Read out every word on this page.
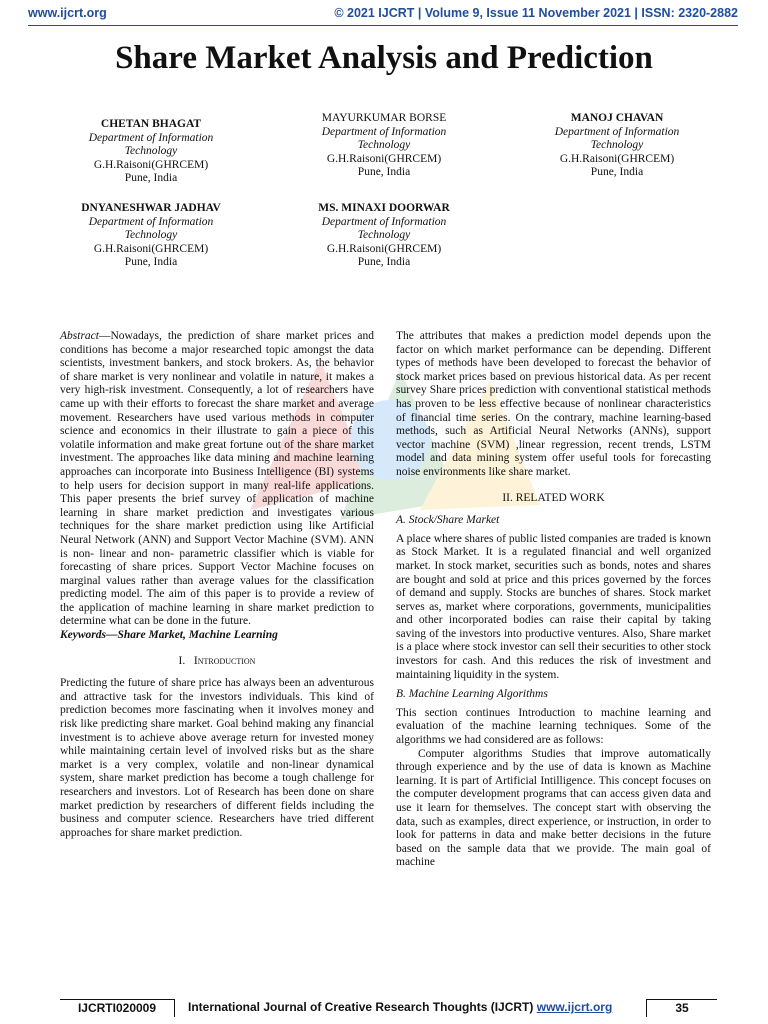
www.ijcrt.org	© 2021 IJCRT | Volume 9, Issue 11 November 2021 | ISSN: 2320-2882
Share Market Analysis and Prediction
CHETAN BHAGAT
Department of Information Technology
G.H.Raisoni(GHRCEM)
Pune, India
MAYURKUMAR BORSE
Department of Information Technology
G.H.Raisoni(GHRCEM)
Pune, India
MANOJ CHAVAN
Department of Information Technology
G.H.Raisoni(GHRCEM)
Pune, India
DNYANESHWAR JADHAV
Department of Information Technology
G.H.Raisoni(GHRCEM)
Pune, India
MS. MINAXI DOORWAR
Department of Information Technology
G.H.Raisoni(GHRCEM)
Pune, India

Abstract—Nowadays, the prediction of share market prices and conditions has become a major researched topic amongst the data scientists, investment bankers, and stock brokers. As, the behavior of share market is very nonlinear and volatile in nature, it makes a very high-risk investment. Consequently, a lot of researchers have came up with their efforts to forecast the share market and average movement. Researchers have used various methods in computer science and economics in their illustrate to gain a piece of this volatile information and make great fortune out of the share market investment. The approaches like data mining and machine learning approaches can incorporate into Business Intelligence (BI) systems to help users for decision support in many real-life applications. This paper presents the brief survey of application of machine learning in share market prediction and investigates various techniques for the share market prediction using like Artificial Neural Network (ANN) and Support Vector Machine (SVM). ANN is non- linear and non- parametric classifier which is viable for forecasting of share prices. Support Vector Machine focuses on marginal values rather than average values for the classification predicting model. The aim of this paper is to provide a review of the application of machine learning in share market prediction to determine what can be done in the future.

Keywords—Share Market, Machine Learning

I. Introduction

Predicting the future of share price has always been an adventurous and attractive task for the investors individuals. This kind of prediction becomes more fascinating when it involves money and risk like predicting share market. Goal behind making any financial investment is to achieve above average return for invested money while maintaining certain level of involved risks but as the share market is a very complex, volatile and non-linear dynamical system, share market prediction has become a tough challenge for researchers and investors. Lot of Research has been done on share market prediction by researchers of different fields including the business and computer science. Researchers have tried different approaches for share market prediction.

The attributes that makes a prediction model depends upon the factor on which market performance can be depending. Different types of methods have been developed to forecast the behavior of stock market prices based on previous historical data. As per recent survey Share prices prediction with conventional statistical methods has proven to be less effective because of nonlinear characteristics of financial time series. On the contrary, machine learning-based methods, such as Artificial Neural Networks (ANNs), support vector machine (SVM) ,linear regression, recent trends, LSTM model and data mining system offer useful tools for forecasting noise environments like share market.

II. RELATED WORK
A. Stock/Share Market

A place where shares of public listed companies are traded is known as Stock Market. It is a regulated financial and well organized market. In stock market, securities such as bonds, notes and shares are bought and sold at price and this prices governed by the forces of demand and supply. Stocks are bunches of shares. Stock market serves as, market where corporations, governments, municipalities and other incorporated bodies can raise their capital by taking saving of the investors into productive ventures. Also, Share market is a place where stock investor can sell their securities to other stock investors for cash. And this reduces the risk of investment and maintaining liquidity in the system.

B. Machine Learning Algorithms

This section continues Introduction to machine learning and evaluation of the machine learning techniques. Some of the algorithms we had considered are as follows:

Computer algorithms Studies that improve automatically through experience and by the use of data is known as Machine learning. It is part of Artificial Intilligence. This concept focuses on the computer development programs that can access given data and use it learn for themselves. The concept start with observing the data, such as examples, direct experience, or instruction, in order to look for patterns in data and make better decisions in the future based on the sample data that we provide. The main goal of machine

IJCRTI020009	International Journal of Creative Research Thoughts (IJCRT) www.ijcrt.org	35
